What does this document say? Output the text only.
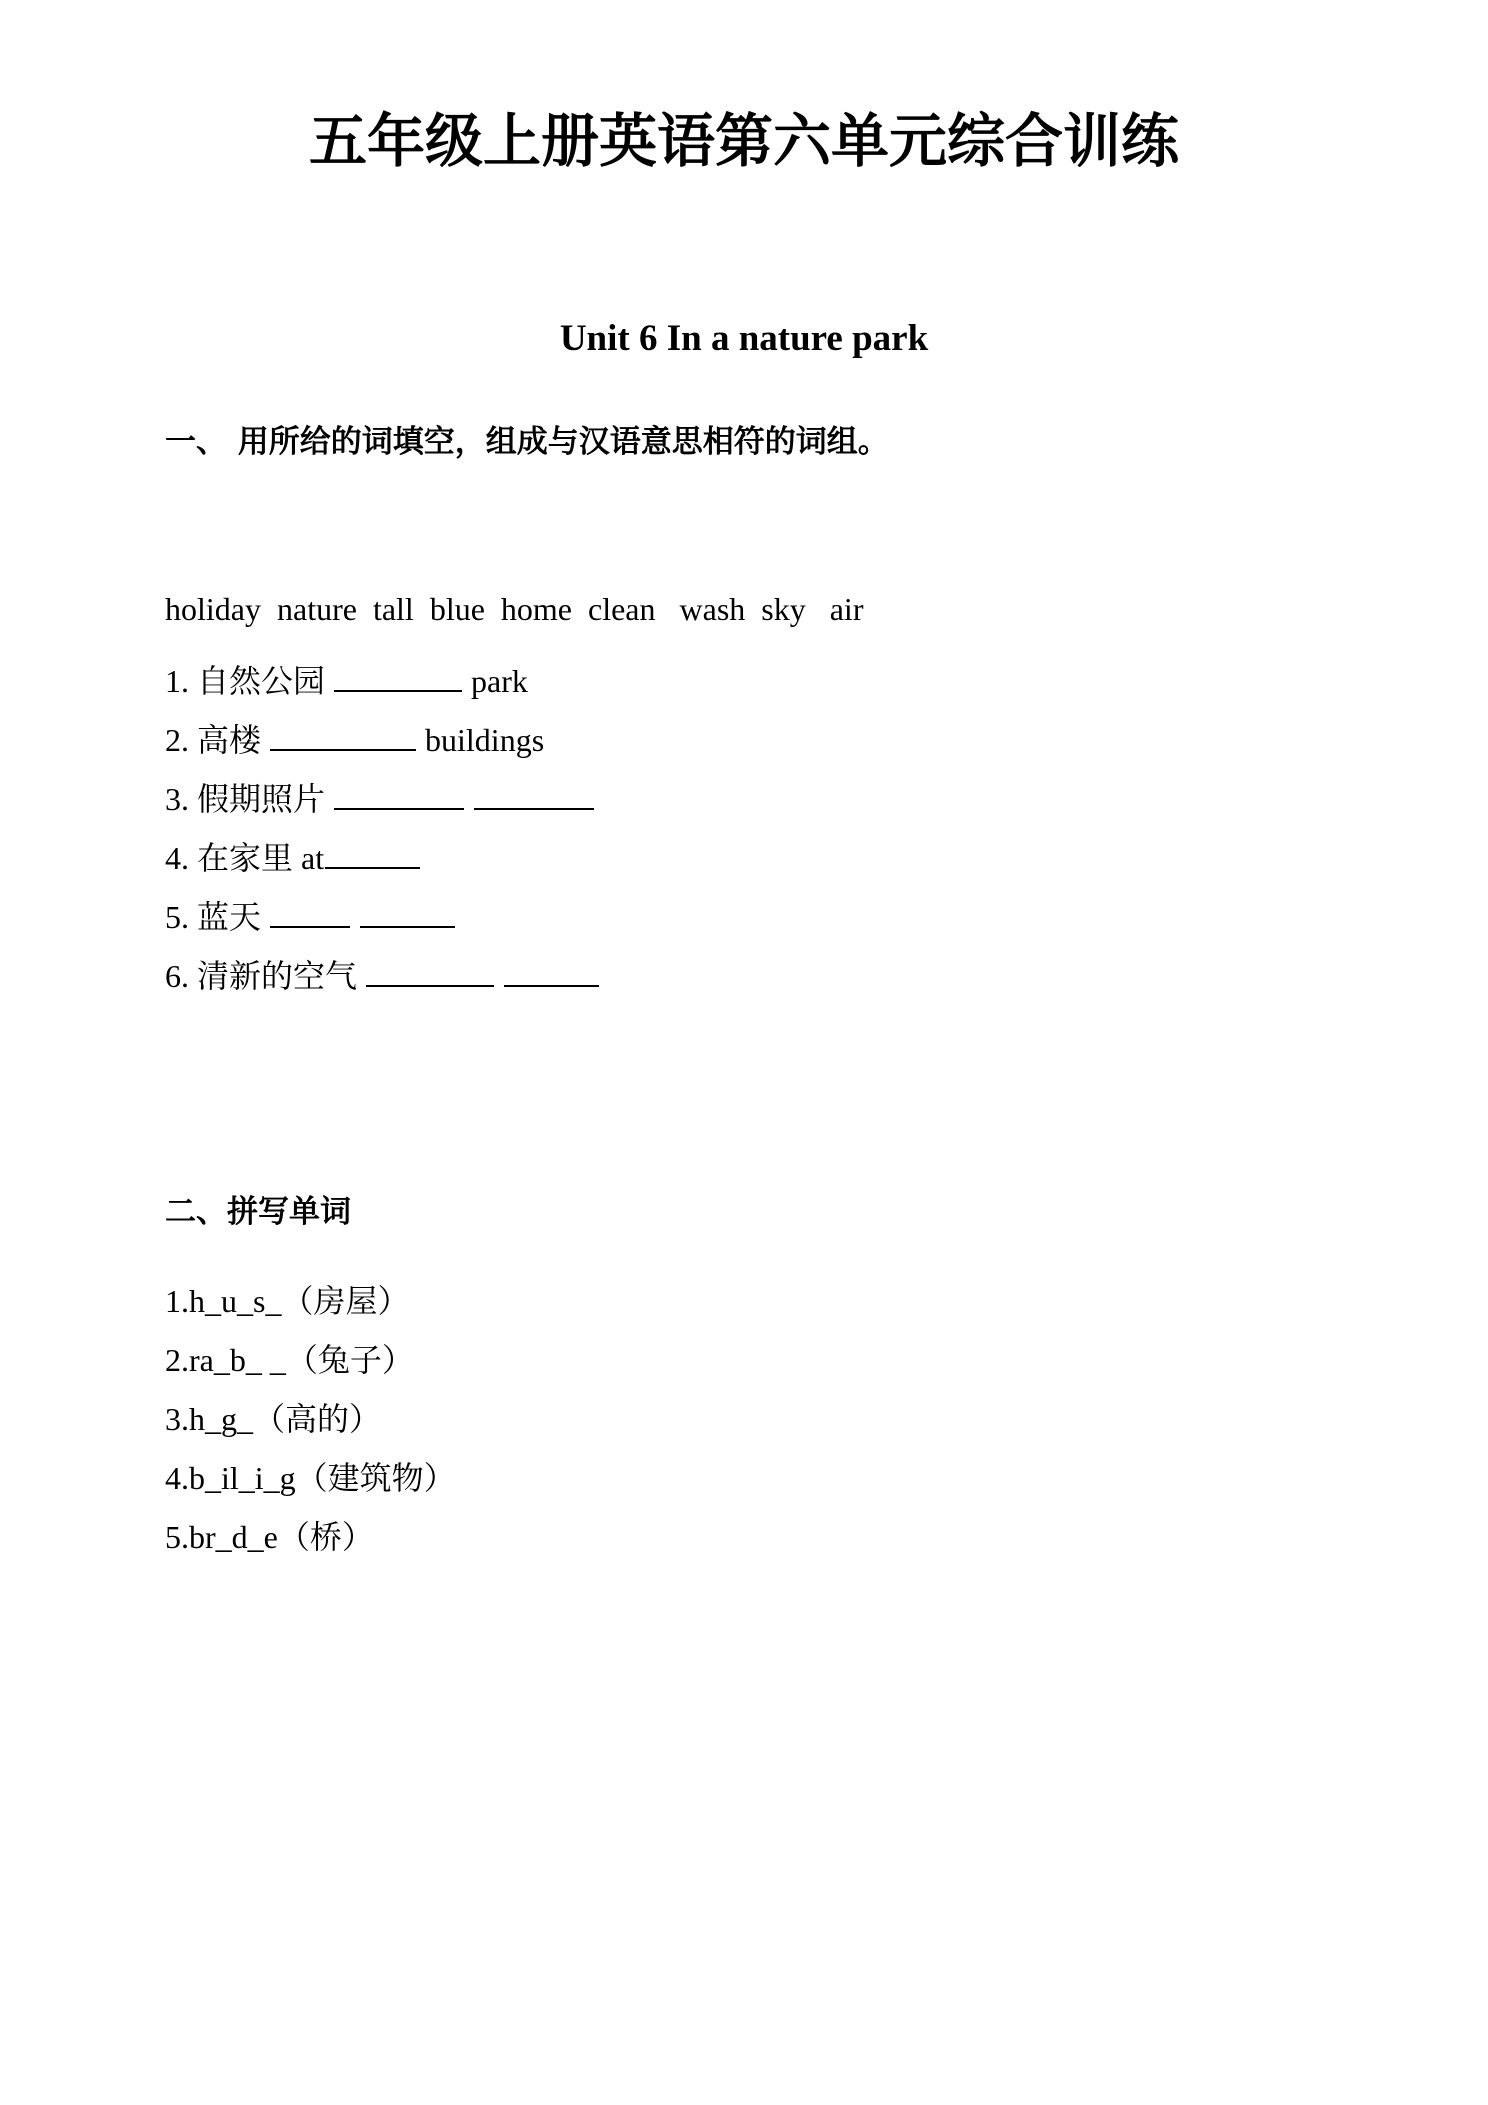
五年级上册英语第六单元综合训练
Unit 6 In a nature park
一、 用所给的词填空，组成与汉语意思相符的词组。
holiday  nature  tall  blue  home  clean   wash  sky   air
1. 自然公园	park
2. 高楼	buildings
3. 假期照片
4. 在家里 at
5. 蓝天
6. 清新的空气
二、拼写单词
1.h_u_s_（房屋）
2.ra_b_ _（兔子）
3.h_g_（高的）
4.b_il_i_g（建筑物）
5.br_d_e（桥）
